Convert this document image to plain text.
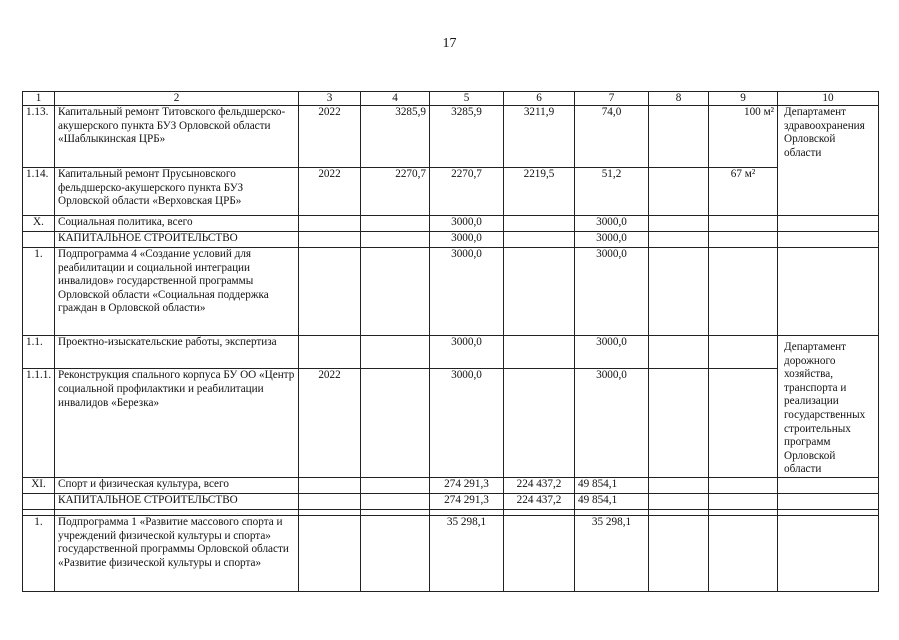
17
1	2	3	4	5	6	7	8	9	10
1.13.	Капитальный ремонт Титовского фельдшерско-акушерского пункта БУЗ Орловской области «Шаблыкинская ЦРБ»	2022	3285,9	3285,9	3211,9	74,0		100 м²	Департамент здравоохранения Орловской области
1.14.	Капитальный ремонт Прусыновского фельдшерско-акушерского пункта БУЗ Орловской области «Верховская ЦРБ»	2022	2270,7	2270,7	2219,5	51,2		67 м²	
X.	Социальная политика, всего			3000,0		3000,0			
	КАПИТАЛЬНОЕ СТРОИТЕЛЬСТВО			3000,0		3000,0			
1.	Подпрограмма 4 «Создание условий для реабилитации и социальной интеграции инвалидов» государственной программы Орловской области «Социальная поддержка граждан в Орловской области»			3000,0		3000,0			
1.1.	Проектно-изыскательские работы, экспертиза			3000,0		3000,0			Департамент дорожного хозяйства, транспорта и реализации государственных строительных программ Орловской области
1.1.1.	Реконструкция спального корпуса БУ ОО «Центр социальной профилактики и реабилитации инвалидов «Березка»	2022		3000,0		3000,0			
XI.	Спорт и физическая культура, всего			274 291,3	224 437,2	49 854,1			
	КАПИТАЛЬНОЕ СТРОИТЕЛЬСТВО			274 291,3	224 437,2	49 854,1			

1.	Подпрограмма 1 «Развитие массового спорта и учреждений физической культуры и спорта» государственной программы Орловской области «Развитие физической культуры и спорта»			35 298,1		35 298,1			
